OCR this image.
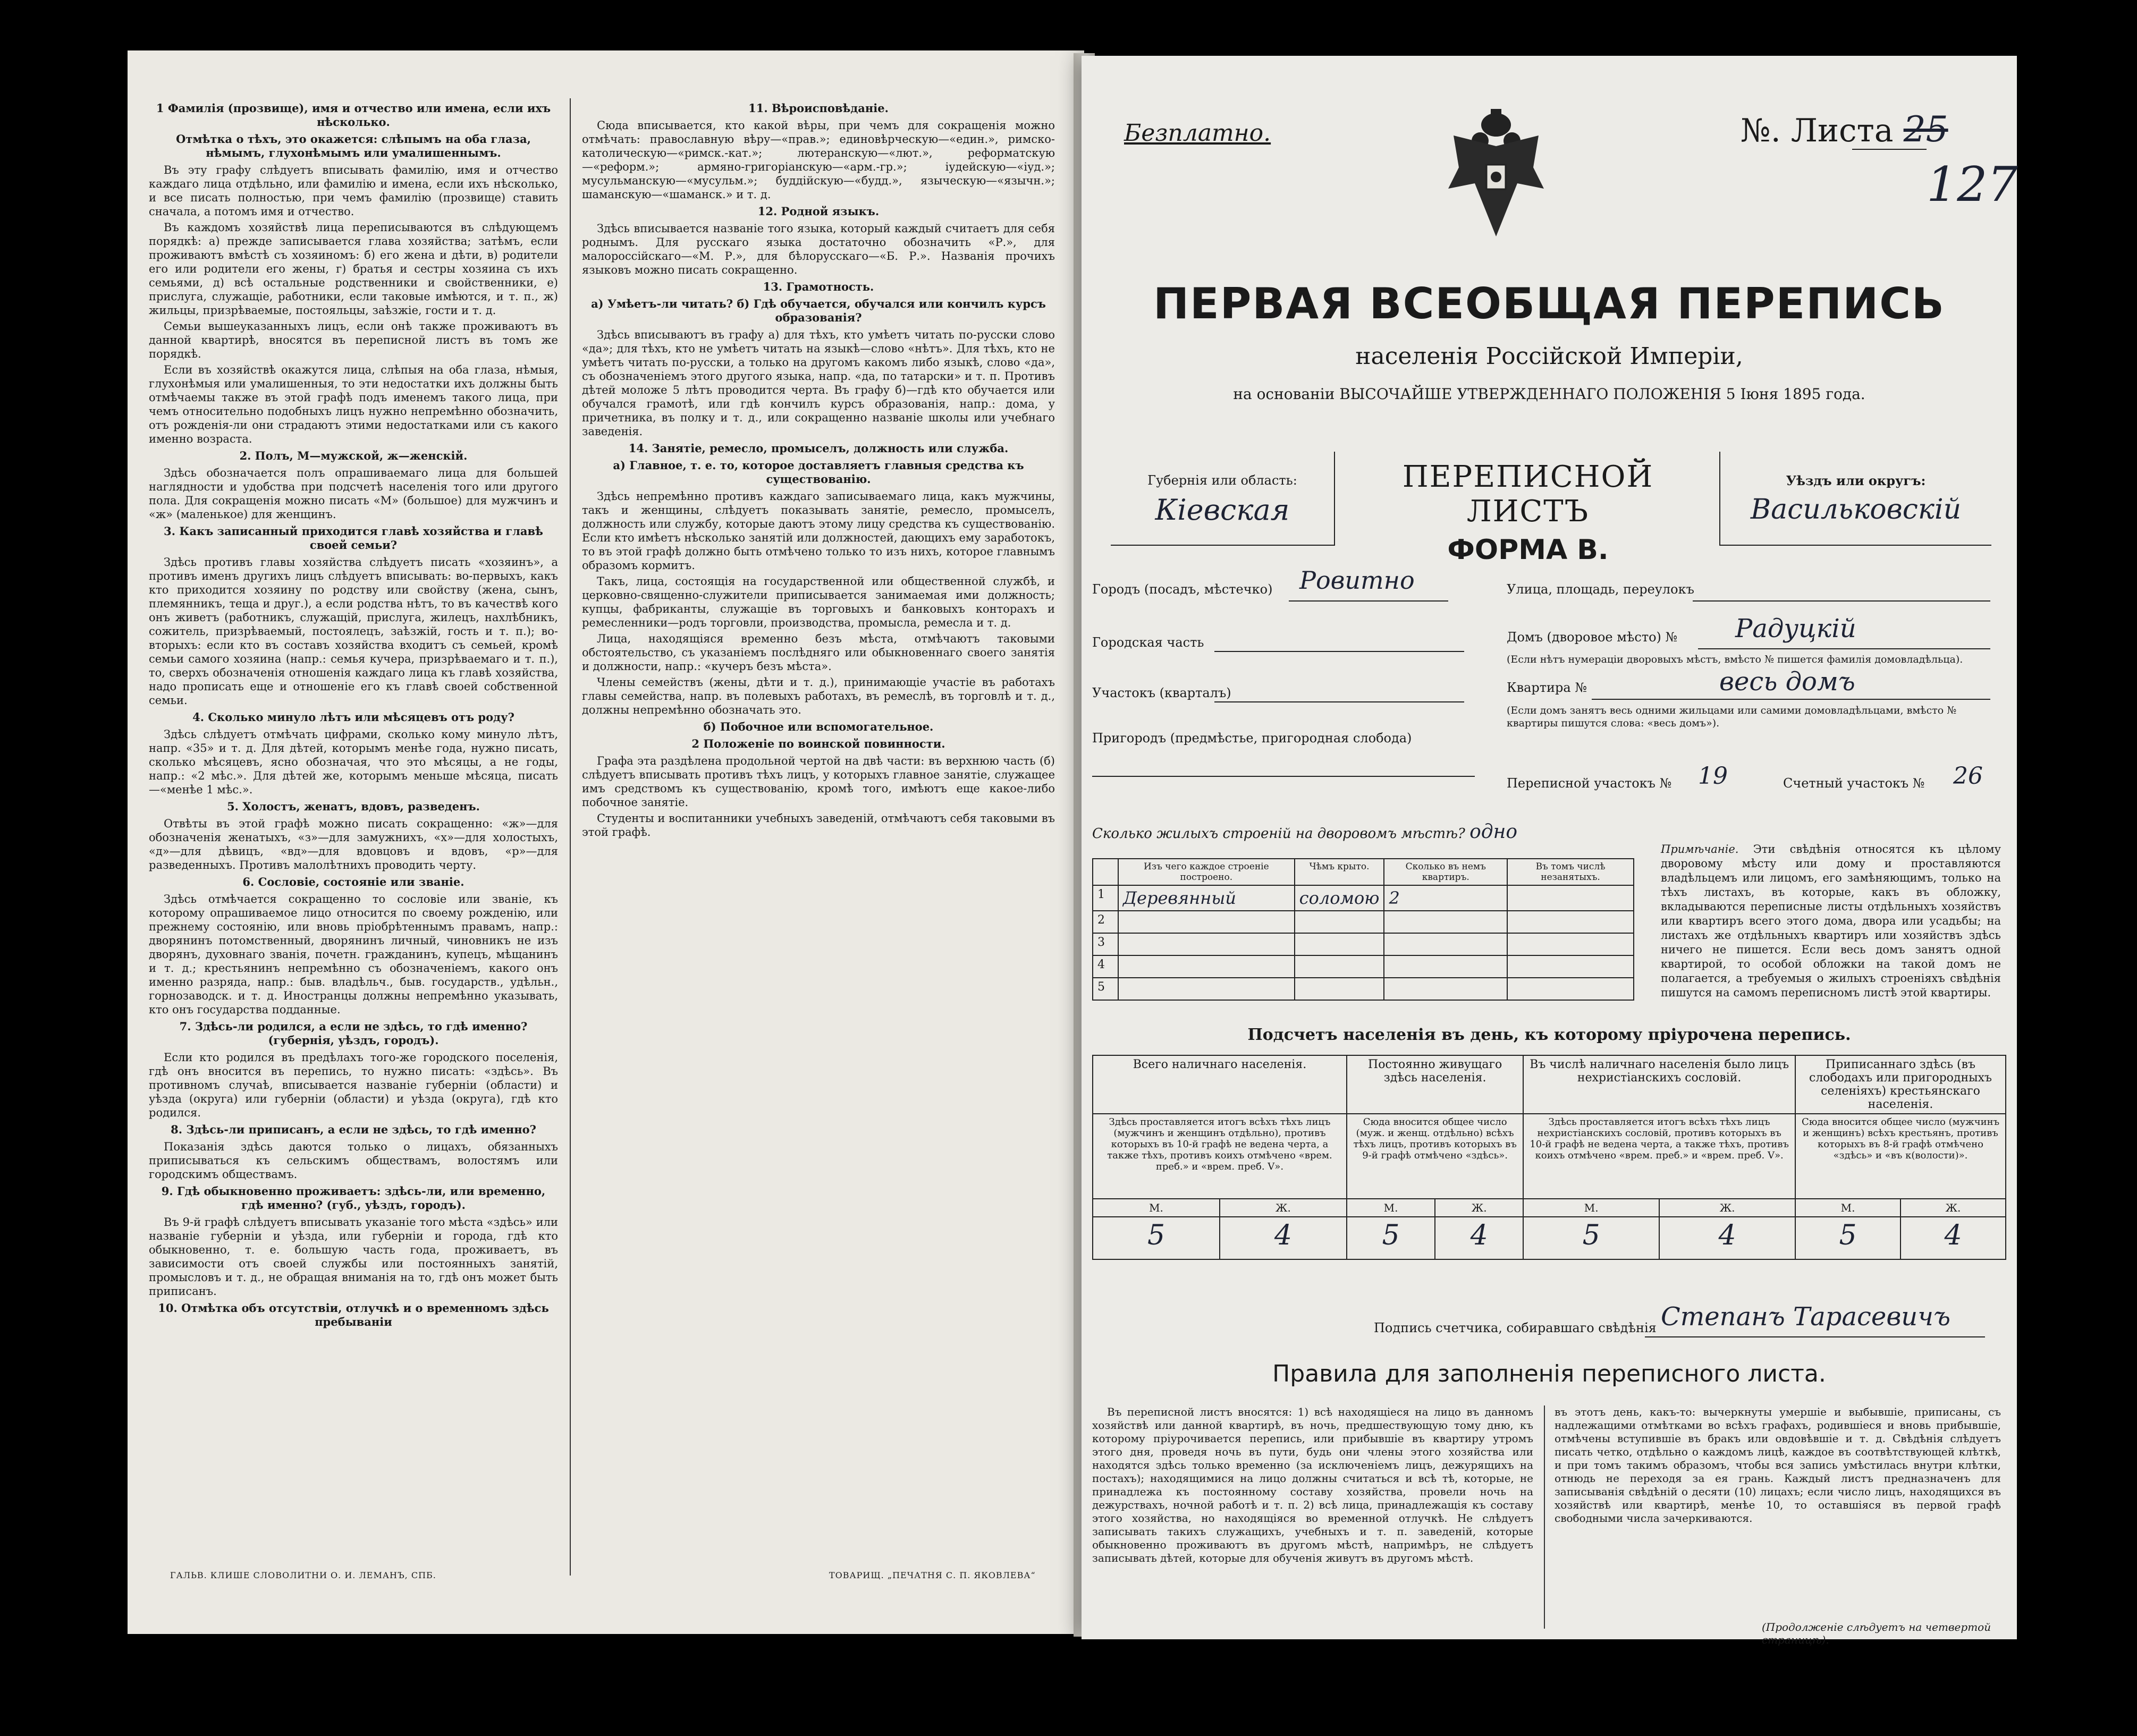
1 Фамилія (прозвище), имя и отчество или имена, если ихъ нѣсколько.

Отмѣтка о тѣхъ, это окажется: слѣпымъ на оба глаза, нѣмымъ, глухонѣмымъ или умалишеннымъ.

Въ эту графу слѣдуетъ вписывать фамилію, имя и отчество каждаго лица отдѣльно, или фамилію и имена, если ихъ нѣсколько, и все писать полностью, при чемъ фамилію (прозвище) ставить сначала, а потомъ имя и отчество.

Въ каждомъ хозяйствѣ лица переписываются въ слѣдующемъ порядкѣ: а) прежде записывается глава хозяйства; затѣмъ, если проживаютъ вмѣстѣ съ хозяиномъ: б) его жена и дѣти, в) родители его или родители его жены, г) братья и сестры хозяина съ ихъ семьями, д) всѣ остальные родственники и свойственники, е) прислуга, служащіе, работники, если таковые имѣются, и т. п., ж) жильцы, призрѣваемые, постояльцы, заѣзжіе, гости и т. д.

Семьи вышеуказанныхъ лицъ, если онѣ также проживаютъ въ данной квартирѣ, вносятся въ переписной листъ въ томъ же порядкѣ.

Если въ хозяйствѣ окажутся лица, слѣпыя на оба глаза, нѣмыя, глухонѣмыя или умалишенныя, то эти недостатки ихъ должны быть отмѣчаемы также въ этой графѣ подъ именемъ такого лица, при чемъ относительно подобныхъ лицъ нужно непремѣнно обозначить, отъ рожденія-ли они страдаютъ этими недостатками или съ какого именно возраста.

2. Полъ, М—мужской, ж—женскій.

Здѣсь обозначается полъ опрашиваемаго лица для большей наглядности и удобства при подсчетѣ населенія того или другого пола. Для сокращенія можно писать «М» (большое) для мужчинъ и «ж» (маленькое) для женщинъ.

3. Какъ записанный приходится главѣ хозяйства и главѣ своей семьи?

Здѣсь противъ главы хозяйства слѣдуетъ писать «хозяинъ», а противъ именъ другихъ лицъ слѣдуетъ вписывать: во-первыхъ, какъ кто приходится хозяину по родству или свойству (жена, сынъ, племянникъ, теща и друг.), а если родства нѣтъ, то въ качествѣ кого онъ живетъ (работникъ, служащій, прислуга, жилецъ, нахлѣбникъ, сожитель, призрѣваемый, постоялецъ, заѣзжій, гость и т. п.); во-вторыхъ: если кто въ составъ хозяйства входитъ съ семьей, кромѣ семьи самого хозяина (напр.: семья кучера, призрѣваемаго и т. п.), то, сверхъ обозначенія отношенія каждаго лица къ главѣ хозяйства, надо прописать еще и отношеніе его къ главѣ своей собственной семьи.

4. Сколько минуло лѣтъ или мѣсяцевъ отъ роду?

Здѣсь слѣдуетъ отмѣчать цифрами, сколько кому минуло лѣтъ, напр. «35» и т. д. Для дѣтей, которымъ менѣе года, нужно писать, сколько мѣсяцевъ, ясно обозначая, что это мѣсяцы, а не годы, напр.: «2 мѣс.». Для дѣтей же, которымъ меньше мѣсяца, писать—«менѣе 1 мѣс.».

5. Холостъ, женатъ, вдовъ, разведенъ.

Отвѣты въ этой графѣ можно писать сокращенно: «ж»—для обозначенія женатыхъ, «з»—для замужнихъ, «х»—для холостыхъ, «д»—для дѣвицъ, «вд»—для вдовцовъ и вдовъ, «р»—для разведенныхъ. Противъ малолѣтнихъ проводить черту.

6. Сословіе, состояніе или званіе.

Здѣсь отмѣчается сокращенно то сословіе или званіе, къ которому опрашиваемое лицо относится по своему рожденію, или прежнему состоянію, или вновь пріобрѣтеннымъ правамъ, напр.: дворянинъ потомственный, дворянинъ личный, чиновникъ не изъ дворянъ, духовнаго званія, почетн. гражданинъ, купецъ, мѣщанинъ и т. д.; крестьянинъ непремѣнно съ обозначеніемъ, какого онъ именно разряда, напр.: быв. владѣльч., быв. государств., удѣльн., горнозаводск. и т. д. Иностранцы должны непремѣнно указывать, кто онъ государства подданные.

7. Здѣсь-ли родился, а если не здѣсь, то гдѣ именно? (губернія, уѣздъ, городъ).

Если кто родился въ предѣлахъ того-же городского поселенія, гдѣ онъ вносится въ перепись, то нужно писать: «здѣсь». Въ противномъ случаѣ, вписывается названіе губерніи (области) и уѣзда (округа) или губерніи (области) и уѣзда (округа), гдѣ кто родился.

8. Здѣсь-ли приписанъ, а если не здѣсь, то гдѣ именно?

Показанія здѣсь даются только о лицахъ, обязанныхъ приписываться къ сельскимъ обществамъ, волостямъ или городскимъ обществамъ.

9. Гдѣ обыкновенно проживаетъ: здѣсь-ли, или временно, гдѣ именно? (губ., уѣздъ, городъ).

Въ 9-й графѣ слѣдуетъ вписывать указаніе того мѣста «здѣсь» или названіе губерніи и уѣзда, или губерніи и города, гдѣ кто обыкновенно, т. е. большую часть года, проживаетъ, въ зависимости отъ своей службы или постоянныхъ занятій, промысловъ и т. д., не обращая вниманія на то, гдѣ онъ может быть приписанъ.

10. Отмѣтка объ отсутствіи, отлучкѣ и о временномъ здѣсь пребываніи

11. Вѣроисповѣданіе.

Сюда вписывается, кто какой вѣры, при чемъ для сокращенія можно отмѣчать: православную вѣру—«прав.»; единовѣрческую—«един.», римско-католическую—«римск.-кат.»; лютеранскую—«лют.», реформатскую—«реформ.»; армяно-григоріанскую—«арм.-гр.»; іудейскую—«іуд.»; мусульманскую—«мусульм.»; буддійскую—«будд.», языческую—«язычн.»; шаманскую—«шаманск.» и т. д.

12. Родной языкъ.

Здѣсь вписывается названіе того языка, который каждый считаетъ для себя роднымъ. Для русскаго языка достаточно обозначить «Р.», для малороссійскаго—«М. Р.», для бѣлорусскаго—«Б. Р.». Названія прочихъ языковъ можно писать сокращенно.

13. Грамотность.

а) Умѣетъ-ли читать? б) Гдѣ обучается, обучался или кончилъ курсъ образованія?

Здѣсь вписываютъ въ графу а) для тѣхъ, кто умѣетъ читать по-русски слово «да»; для тѣхъ, кто не умѣетъ читать на языкѣ—слово «нѣтъ». Для тѣхъ, кто не умѣетъ читать по-русски, а только на другомъ какомъ либо языкѣ, слово «да», съ обозначеніемъ этого другого языка, напр. «да, по татарски» и т. п. Противъ дѣтей моложе 5 лѣтъ проводится черта. Въ графу б)—гдѣ кто обучается или обучался грамотѣ, или гдѣ кончилъ курсъ образованія, напр.: дома, у причетника, въ полку и т. д., или сокращенно названіе школы или учебнаго заведенія.

14. Занятіе, ремесло, промыселъ, должность или служба.

а) Главное, т. е. то, которое доставляетъ главныя средства къ существованію.

Здѣсь непремѣнно противъ каждаго записываемаго лица, какъ мужчины, такъ и женщины, слѣдуетъ показывать занятіе, ремесло, промыселъ, должность или службу, которые даютъ этому лицу средства къ существованію. Если кто имѣетъ нѣсколько занятій или должностей, дающихъ ему заработокъ, то въ этой графѣ должно быть отмѣчено только то изъ нихъ, которое главнымъ образомъ кормитъ.

Такъ, лица, состоящія на государственной или общественной службѣ, и церковно-священно-служители приписывается занимаемая ими должность; купцы, фабриканты, служащіе въ торговыхъ и банковыхъ конторахъ и ремесленники—родъ торговли, производства, промысла, ремесла и т. д.

Лица, находящіяся временно безъ мѣста, отмѣчаютъ таковыми обстоятельство, съ указаніемъ послѣдняго или обыкновеннаго своего занятія и должности, напр.: «кучеръ безъ мѣста».

Члены семействъ (жены, дѣти и т. д.), принимающіе участіе въ работахъ главы семейства, напр. въ полевыхъ работахъ, въ ремеслѣ, въ торговлѣ и т. д., должны непремѣнно обозначать это.

б) Побочное или вспомогательное.

2 Положеніе по воинской повинности.

Графа эта раздѣлена продольной чертой на двѣ части: въ верхнюю часть (б) слѣдуетъ вписывать противъ тѣхъ лицъ, у которыхъ главное занятіе, служащее имъ средствомъ къ существованію, кромѣ того, имѣютъ еще какое-либо побочное занятіе.

Студенты и воспитанники учебныхъ заведеній, отмѣчаютъ себя таковыми въ этой графѣ.

ГАЛЬВ. КЛИШЕ СЛОВОЛИТНИ О. И. ЛЕМАНЪ, СПБ.	ТОВАРИЩ. „ПЕЧАТНЯ С. П. ЯКОВЛЕВА“
Безплатно.	№. Листа 25
127
ПЕРВАЯ ВСЕОБЩАЯ ПЕРЕПИСЬ
населенія Россійской Имперіи,
на основаніи ВЫСОЧАЙШЕ УТВЕРЖДЕННАГО ПОЛОЖЕНІЯ 5 Іюня 1895 года.
Губернія или область:
Кіевская
ПЕРЕПИСНОЙ ЛИСТЪ
ФОРМА В.
Уѣздъ или округъ:
Васильковскій
Городъ (посадъ, мѣстечко) Ровитно	Улица, площадь, переулокъ
Городская часть	Домъ (дворовое мѣсто) № Радуцкій
(Если нѣтъ нумераціи дворовыхъ мѣстъ, вмѣсто № пишется фамилія домовладѣльца).
Участокъ (кварталъ)	Квартира №	весь домъ
(Если домъ занятъ весь одними жильцами или самими домовладѣльцами, вмѣсто № квартиры пишутся слова: «весь домъ»).
Пригородъ (предмѣстье, пригородная слобода)
Переписной участокъ № 19	Счетный участокъ № 26
Сколько жилыхъ строеній на дворовомъ мѣстѣ? одно
	Изъ чего каждое строеніе построено.	Чѣмъ крыто.	Сколько въ немъ квартиръ.	Въ томъ числѣ незанятыхъ.
1	Деревянный	соломою	2	
2				
3				
4				
5				
Примѣчаніе. Эти свѣдѣнія относятся къ цѣлому дворовому мѣсту или дому и проставляются владѣльцемъ или лицомъ, его замѣняющимъ, только на тѣхъ листахъ, въ которые, какъ въ обложку, вкладываются переписные листы отдѣльныхъ хозяйствъ или квартиръ всего этого дома, двора или усадьбы; на листахъ же отдѣльныхъ квартиръ или хозяйствъ здѣсь ничего не пишется. Если весь домъ занятъ одной квартирой, то особой обложки на такой домъ не полагается, а требуемыя о жилыхъ строеніяхъ свѣдѣнія пишутся на самомъ переписномъ листѣ этой квартиры.
Подсчетъ населенія въ день, къ которому пріурочена перепись.
Всего наличнаго населенія.		Постоянно живущаго здѣсь населенія.		Въ числѣ наличнаго населенія было лицъ нехристіанскихъ сословій.		Приписаннаго здѣсь (въ слободахъ или пригородныхъ селеніяхъ) крестьянскаго населенія.	
Здѣсь проставляется итогъ всѣхъ тѣхъ лицъ (мужчинъ и женщинъ отдѣльно), противъ которыхъ въ 10-й графѣ не ведена черта, а также тѣхъ, противъ коихъ отмѣчено «врем. преб.» и «врем. преб. V».		Сюда вносится общее число (муж. и женщ. отдѣльно) всѣхъ тѣхъ лицъ, противъ которыхъ въ 9-й графѣ отмѣчено «здѣсь».		Здѣсь проставляется итогъ всѣхъ тѣхъ лицъ нехристіанскихъ сословій, противъ которыхъ въ 10-й графѣ не ведена черта, а также тѣхъ, противъ коихъ отмѣчено «врем. преб.» и «врем. преб. V».		Сюда вносится общее число (мужчинъ и женщинъ) всѣхъ крестьянъ, противъ которыхъ въ 8-й графѣ отмѣчено «здѣсь» и «въ к(волости)».	
М.	Ж.	М.	Ж.	М.	Ж.	М.	Ж.
5	4	5	4	5	4	5	4
Подпись счетчика, собиравшаго свѣдѣнія Степанъ Тарасевичъ
Правила для заполненія переписного листа.
Въ переписной листъ вносятся: 1) всѣ находящіеся на лицо въ данномъ хозяйствѣ или данной квартирѣ, въ ночь, предшествующую тому дню, къ которому пріурочивается перепись, или прибывшіе въ квартиру утромъ этого дня, проведя ночь въ пути, будь они члены этого хозяйства или находятся здѣсь только временно (за исключеніемъ лицъ, дежурящихъ на постахъ); находящимися на лицо должны считаться и всѣ тѣ, которые, не принадлежа къ постоянному составу хозяйства, провели ночь на дежурствахъ, ночной работѣ и т. п. 2) всѣ лица, принадлежащія къ составу этого хозяйства, но находящіяся во временной отлучкѣ. Не слѣдуетъ записывать такихъ служащихъ, учебныхъ и т. п. заведеній, которые обыкновенно проживаютъ въ другомъ мѣстѣ, напримѣръ, не слѣдуетъ записывать дѣтей, которые для обученія живутъ въ другомъ мѣстѣ.
въ этотъ день, какъ-то: вычеркнуты умершіе и выбывшіе, приписаны, съ надлежащими отмѣтками во всѣхъ графахъ, родившіеся и вновь прибывшіе, отмѣчены вступившіе въ бракъ или овдовѣвшіе и т. д. Свѣдѣнія слѣдуетъ писать четко, отдѣльно о каждомъ лицѣ, каждое въ соотвѣтствующей клѣткѣ, и при томъ такимъ образомъ, чтобы вся запись умѣстилась внутри клѣтки, отнюдь не переходя за ея грань. Каждый листъ предназначенъ для записыванія свѣдѣній о десяти (10) лицахъ; если число лицъ, находящихся въ хозяйствѣ или квартирѣ, менѣе 10, то оставшіяся въ первой графѣ свободными числа зачеркиваются.
(Продолженіе слѣдуетъ на четвертой страницѣ).
